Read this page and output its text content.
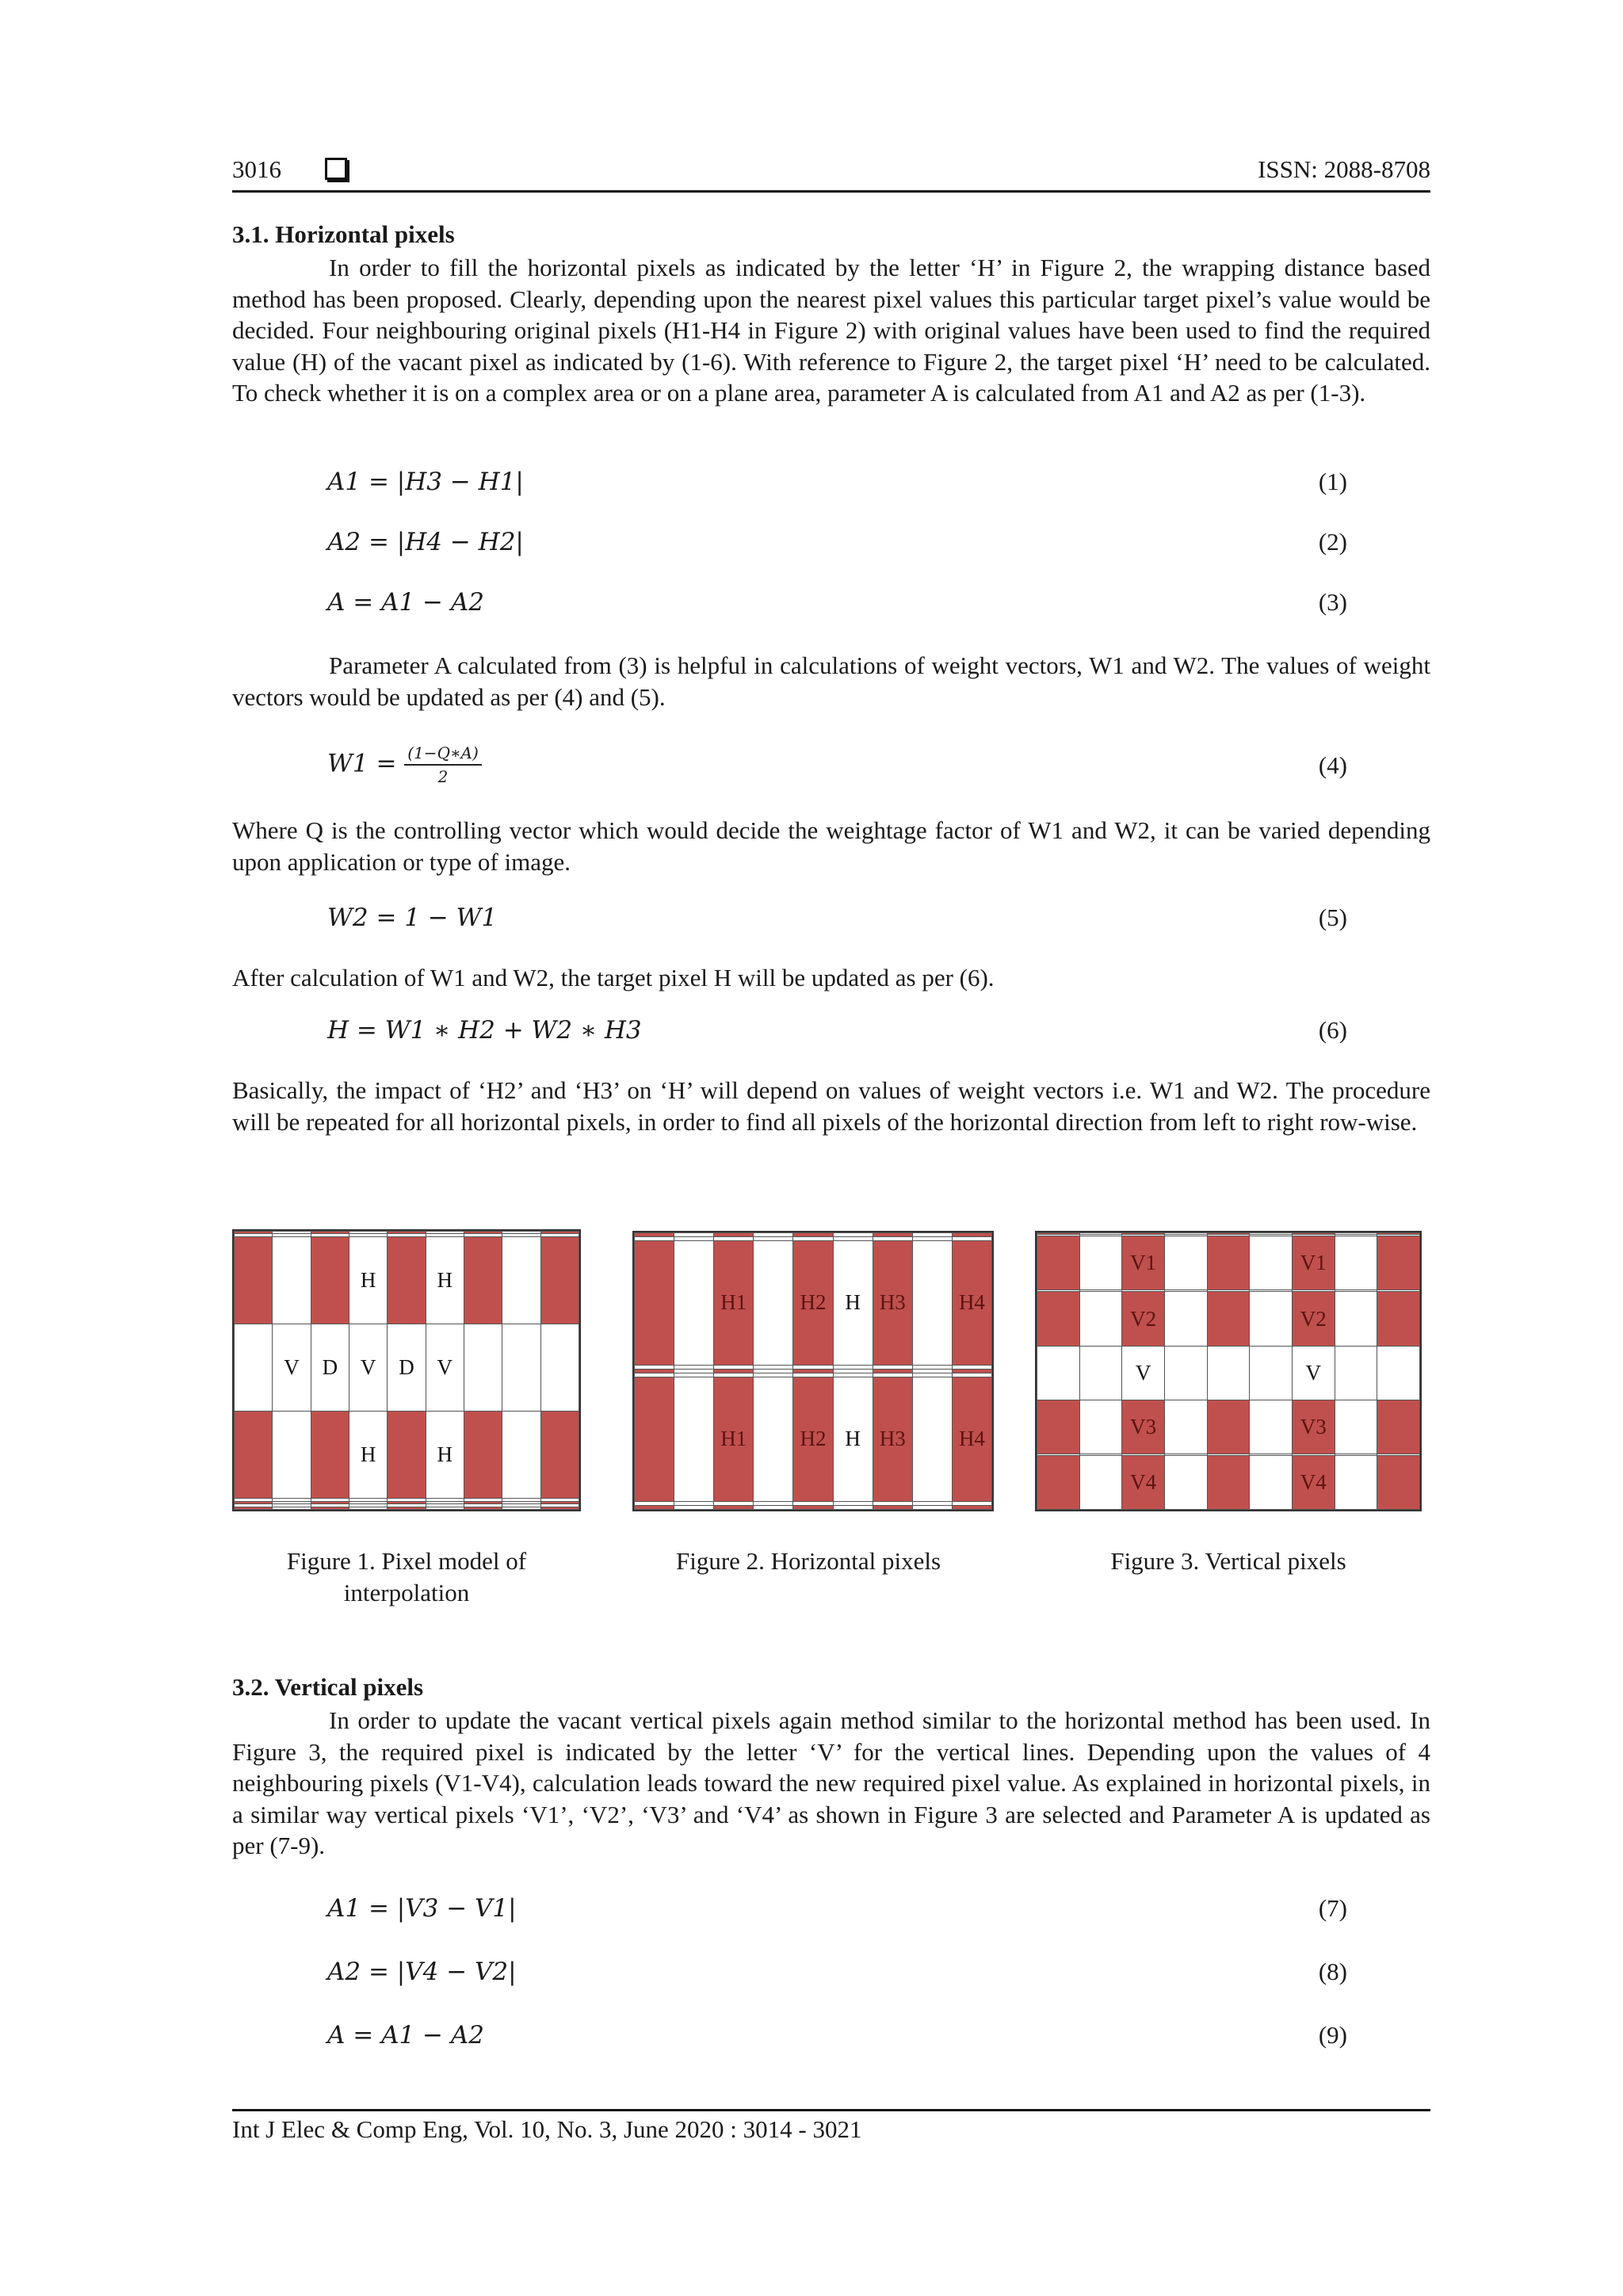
3016	ISSN: 2088-8708
3.1. Horizontal pixels
In order to fill the horizontal pixels as indicated by the letter ‘H’ in Figure 2, the wrapping distance based method has been proposed. Clearly, depending upon the nearest pixel values this particular target pixel’s value would be decided. Four neighbouring original pixels (H1-H4 in Figure 2) with original values have been used to find the required value (H) of the vacant pixel as indicated by (1-6). With reference to Figure 2, the target pixel ‘H’ need to be calculated. To check whether it is on a complex area or on a plane area, parameter A is calculated from A1 and A2 as per (1-3).
A1 = |H3 − H1|	(1)
A2 = |H4 − H2|	(2)
A = A1 − A2	(3)
Parameter A calculated from (3) is helpful in calculations of weight vectors, W1 and W2. The values of weight vectors would be updated as per (4) and (5).
$W1 = \frac{(1-Q∗A)}{2}$	(4)
Where Q is the controlling vector which would decide the weightage factor of W1 and W2, it can be varied depending upon application or type of image.
W2 = 1 − W1	(5)
After calculation of W1 and W2, the target pixel H will be updated as per (6).
H = W1 ∗ H2 + W2 ∗ H3	(6)
Basically, the impact of ‘H2’ and ‘H3’ on ‘H’ will depend on values of weight vectors i.e. W1 and W2. The procedure will be repeated for all horizontal pixels, in order to find all pixels of the horizontal direction from left to right row-wise.

			H		H			
	V	D	V	D	V			
			H		H			

		H1		H2	H	H3		H4

		H1		H2	H	H3		H4

		V1				V1		

		V2				V2		
		V				V		
		V3				V3		

		V4				V4		
Figure 1. Pixel model of
interpolation
Figure 2. Horizontal pixels	Figure 3. Vertical pixels
3.2. Vertical pixels
In order to update the vacant vertical pixels again method similar to the horizontal method has been used. In Figure 3, the required pixel is indicated by the letter ‘V’ for the vertical lines. Depending upon the values of 4 neighbouring pixels (V1-V4), calculation leads toward the new required pixel value. As explained in horizontal pixels, in a similar way vertical pixels ‘V1’, ‘V2’, ‘V3’ and ‘V4’ as shown in Figure 3 are selected and Parameter A is updated as per (7-9).
A1 = |V3 − V1|	(7)
A2 = |V4 − V2|	(8)
A = A1 − A2	(9)
Int J Elec & Comp Eng, Vol. 10, No. 3, June 2020 : 3014 - 3021
